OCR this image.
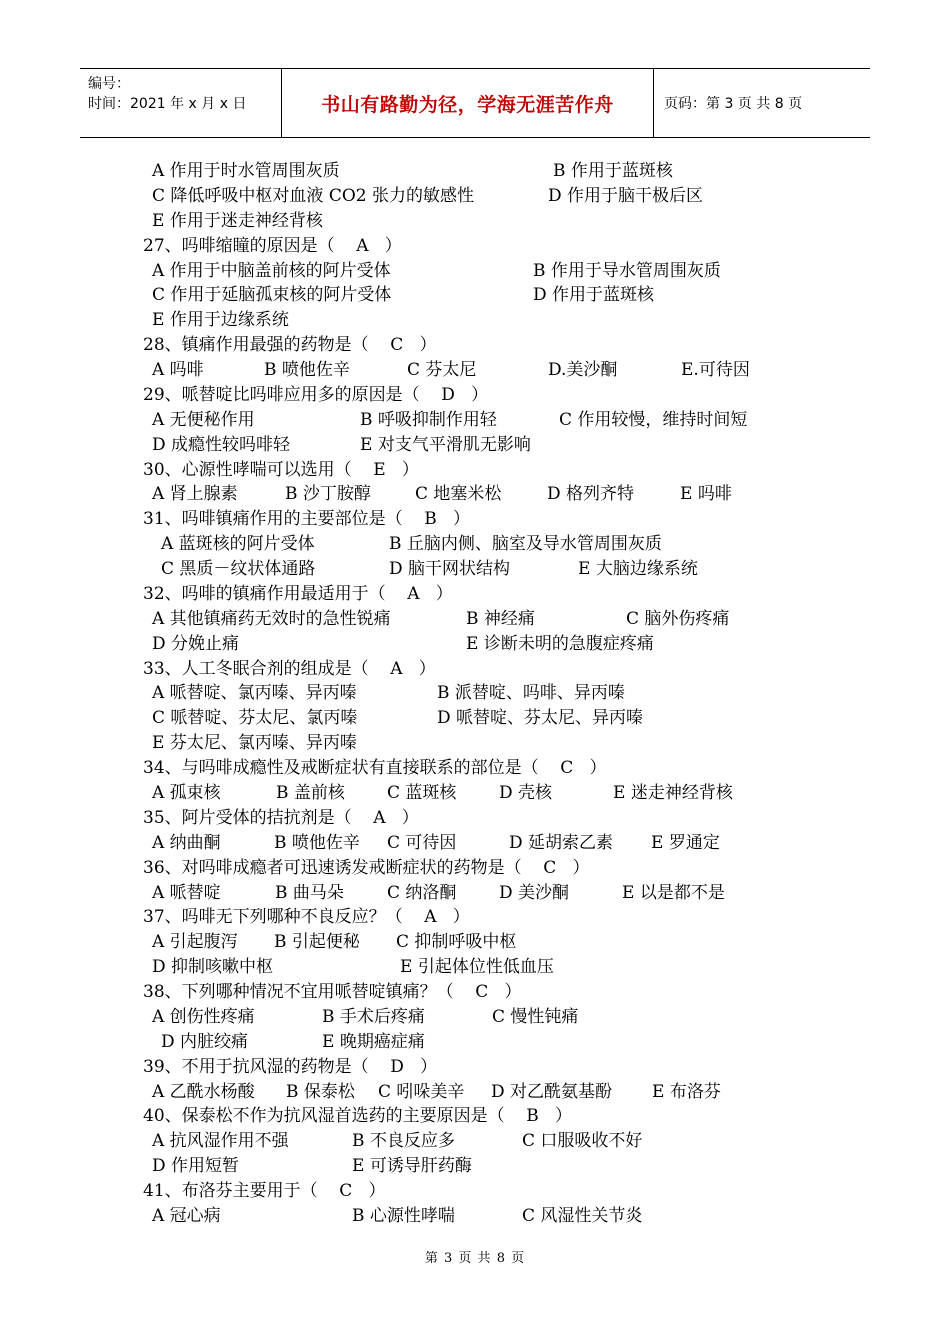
编号：
时间：2021 年 x 月 x 日	书山有路勤为径，学海无涯苦作舟	页码：第 3 页 共 8 页
A 作用于时水管周围灰质	B 作用于蓝斑核
C 降低呼吸中枢对血液 CO2 张力的敏感性	D 作用于脑干极后区
E 作用于迷走神经背核
27、吗啡缩瞳的原因是（    A   ）
A 作用于中脑盖前核的阿片受体	B 作用于导水管周围灰质
C 作用于延脑孤束核的阿片受体	D 作用于蓝斑核
E 作用于边缘系统
28、镇痛作用最强的药物是（    C   ）
A 吗啡	B 喷他佐辛	C 芬太尼	D.美沙酮	E.可待因
29、哌替啶比吗啡应用多的原因是（    D   ）
A 无便秘作用	B 呼吸抑制作用轻	C 作用较慢，维持时间短
D 成瘾性较吗啡轻	E 对支气平滑肌无影响
30、心源性哮喘可以选用（    E   ）
A 肾上腺素	B 沙丁胺醇	C 地塞米松	D 格列齐特	E 吗啡
31、吗啡镇痛作用的主要部位是（    B   ）
A 蓝斑核的阿片受体	B 丘脑内侧、脑室及导水管周围灰质
C 黑质－纹状体通路	D 脑干网状结构	E 大脑边缘系统
32、吗啡的镇痛作用最适用于（    A   ）
A 其他镇痛药无效时的急性锐痛	B 神经痛	C 脑外伤疼痛
D 分娩止痛	E 诊断未明的急腹症疼痛
33、人工冬眠合剂的组成是（    A   ）
A 哌替啶、氯丙嗪、异丙嗪	B 派替啶、吗啡、异丙嗪
C 哌替啶、芬太尼、氯丙嗪	D 哌替啶、芬太尼、异丙嗪
E 芬太尼、氯丙嗪、异丙嗪
34、与吗啡成瘾性及戒断症状有直接联系的部位是（    C   ）
A 孤束核	B 盖前核 C 蓝斑核	D 壳核	E 迷走神经背核
35、阿片受体的拮抗剂是（    A   ）
A 纳曲酮	B 喷他佐辛 C 可待因	D 延胡索乙素 E 罗通定
36、对吗啡成瘾者可迅速诱发戒断症状的药物是（    C   ）
A 哌替啶	B 曲马朵	C 纳洛酮	D 美沙酮	E 以是都不是
37、吗啡无下列哪种不良反应？（    A   ）
A 引起腹泻 B 引起便秘 C 抑制呼吸中枢
D 抑制咳嗽中枢	E 引起体位性低血压
38、下列哪种情况不宜用哌替啶镇痛？（    C   ）
A 创伤性疼痛	B 手术后疼痛	C 慢性钝痛
D 内脏绞痛	E 晚期癌症痛
39、不用于抗风湿的药物是（    D   ）
A 乙酰水杨酸 B 保泰松 C 吲哚美辛 D 对乙酰氨基酚 E 布洛芬
40、保泰松不作为抗风湿首选药的主要原因是（    B   ）
A 抗风湿作用不强	B 不良反应多	C 口服吸收不好
D 作用短暂	E 可诱导肝药酶
41、布洛芬主要用于（    C   ）
A 冠心病	B 心源性哮喘	C 风湿性关节炎
第 3 页 共 8 页
